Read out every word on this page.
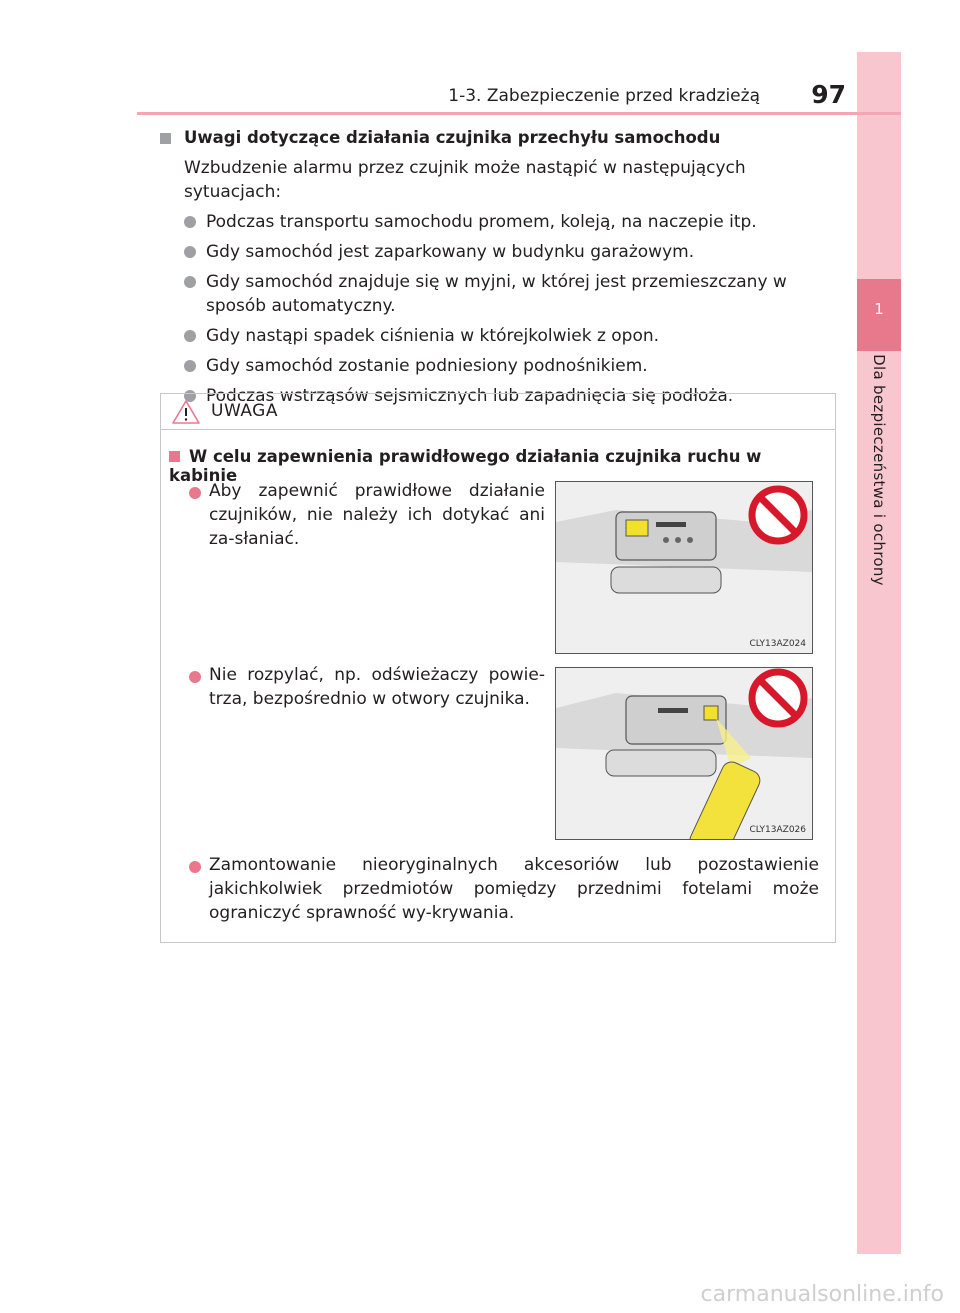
1
Dla bezpieczeństwa i ochrony
1-3. Zabezpieczenie przed kradzieżą 97
Uwagi dotyczące działania czujnika przechyłu samochodu
Wzbudzenie alarmu przez czujnik może nastąpić w następujących sytuacjach:
Podczas transportu samochodu promem, koleją, na naczepie itp.
Gdy samochód jest zaparkowany w budynku garażowym.
Gdy samochód znajduje się w myjni, w której jest przemieszczany w sposób automatyczny.
Gdy nastąpi spadek ciśnienia w którejkolwiek z opon.
Gdy samochód zostanie podniesiony podnośnikiem.
Podczas wstrząsów sejsmicznych lub zapadnięcia się podłoża.
UWAGA
W celu zapewnienia prawidłowego działania czujnika ruchu w kabinie
Aby zapewnić prawidłowe działanie czujników, nie należy ich dotykać ani za-słaniać.
Nie rozpylać, np. odświeżaczy powie-trza, bezpośrednio w otwory czujnika.
Zamontowanie nieoryginalnych akcesoriów lub pozostawienie jakichkolwiek przedmiotów pomiędzy przednimi fotelami może ograniczyć sprawność wy-krywania.
CLY13AZ024
CLY13AZ026
carmanualsonline.info
